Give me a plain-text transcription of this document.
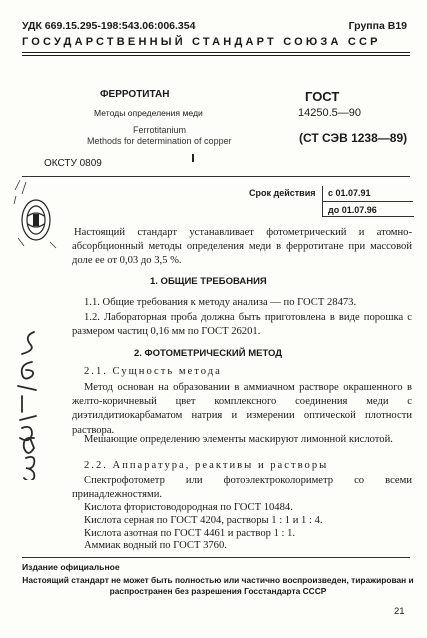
УДК 669.15.295-198:543.06:006.354	Группа В19
ГОСУДАРСТВЕННЫЙ СТАНДАРТ СОЮЗА ССР
ФЕРРОТИТАН
Методы определения меди
Ferrotitanium
Methods for determination of copper
ГОСТ
14250.5—90
(СТ СЭВ 1238—89)
ОКСТУ 0809
Срок действия с 01.07.91
до 01.07.96
Настоящий стандарт устанавливает фотометрический и атомно-абсорбционный методы определения меди в ферротитане при массовой доле ее от 0,03 до 3,5 %.
1. ОБЩИЕ ТРЕБОВАНИЯ
1.1. Общие требования к методу анализа — по ГОСТ 28473.
1.2. Лабораторная проба должна быть приготовлена в виде порошка с размером частиц 0,16 мм по ГОСТ 26201.
2. ФОТОМЕТРИЧЕСКИЙ МЕТОД
2.1. Сущность метода
Метод основан на образовании в аммиачном растворе окрашенного в желто-коричневый цвет комплексного соединения меди с диэтилдитиокарбаматом натрия и измерении оптической плотности раствора.
Мешающие определению элементы маскируют лимонной кислотой.
2.2. Аппаратура, реактивы и растворы
Спектрофотометр или фотоэлектроколориметр со всеми принадлежностями.
Кислота фтористоводородная по ГОСТ 10484.
Кислота серная по ГОСТ 4204, растворы 1 : 1 и 1 : 4.
Кислота азотная по ГОСТ 4461 и раствор 1 : 1.
Аммиак водный по ГОСТ 3760.
Издание официальное
Настоящий стандарт не может быть полностью или частично воспроизведен, тиражирован и распространен без разрешения Госстандарта СССР
21
